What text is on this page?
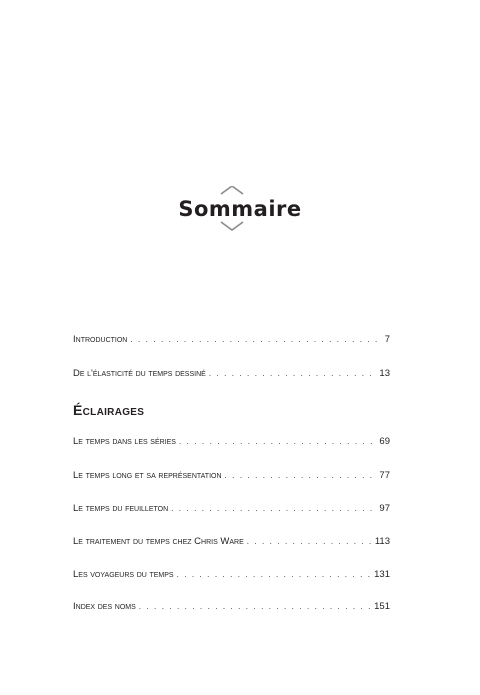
Sommaire
Introduction . . .	7
De l'élasticité du temps dessiné . . .	13
Éclairages
Le temps dans les séries . . .	69
Le temps long et sa représentation . . .	77
Le temps du feuilleton . . .	97
Le traitement du temps chez Chris Ware . . .	113
Les voyageurs du temps . . .	131
Index des noms . . .	151
